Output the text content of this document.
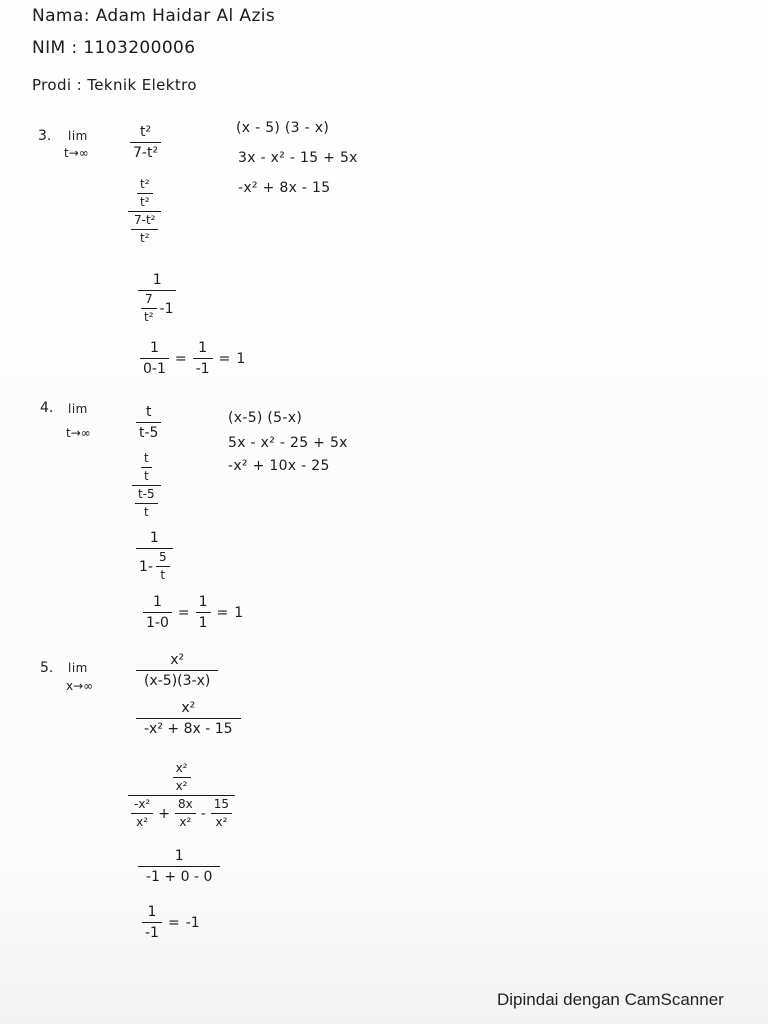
Nama: Adam Haidar Al Azis
NIM : 1103200006
Prodi : Teknik Elektro
3. lim
t→∞	$\frac{\text{t²}}{\text{7-t²}}$
$\frac{\frac{\text{t²}}{\text{t²}}}{\frac{\text{7-t²}}{\text{t²}}}$
$\frac{1}{\frac{7}{\text{t²}} -1}$
$\frac{1}{0-1} = \frac{1}{-1} = 1$
(x - 5) (3 - x)
3x - x² - 15 + 5x
-x² + 8x - 15
4. lim
t→∞	$\frac{t}{t-5}$
$\frac{\frac{t}{t}}{\frac{t-5}{t}}$
$\frac{1}{1- \frac{5}{t}}$
$\frac{1}{1-0} = \frac{1}{1} = 1$
(x-5) (5-x)
5x - x² - 25 + 5x
-x² + 10x - 25
5. lim
x→∞	$\frac{\text{x²}}{(x-5)(3-x)}$
$\frac{\text{x²}}{\text{-x² + 8x - 15}}$
$\frac{\text{x²}}{\text{x²}}$
$\frac{\text{-x²}}{\text{x²}} + \frac{8x}{\text{x²}} - \frac{15}{\text{x²}}$
$\frac{1}{-1 + 0 - 0}$
$\frac{1}{-1} = -1$
Dipindai dengan CamScanner
